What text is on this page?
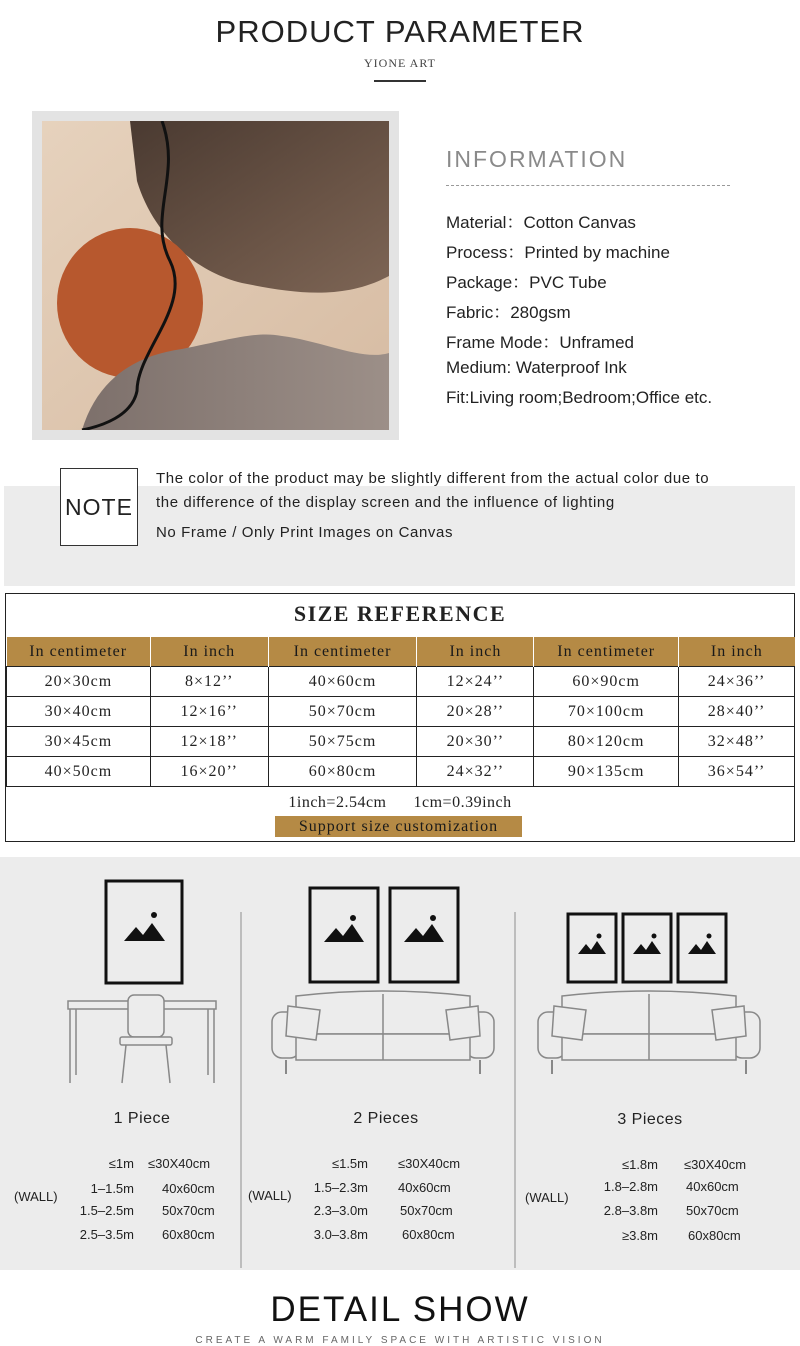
PRODUCT PARAMETER
YIONE ART
INFORMATION
Material：Cotton Canvas
Process：Printed by machine
Package：PVC Tube
Fabric：280gsm
Frame Mode：Unframed
Medium: Waterproof Ink
Fit:Living room;Bedroom;Office etc.
NOTE
The color of the product may be slightly different from the actual color due to
the difference of the display screen and the influence of lighting
No Frame / Only Print Images on Canvas
SIZE REFERENCE
In centimeter	In inch	In centimeter	In inch	In centimeter	In inch
20×30cm	8×12’’	40×60cm	12×24’’	60×90cm	24×36’’
30×40cm	12×16’’	50×70cm	20×28’’	70×100cm	28×40’’
30×45cm	12×18’’	50×75cm	20×30’’	80×120cm	32×48’’
40×50cm	16×20’’	60×80cm	24×32’’	90×135cm	36×54’’
1inch=2.54cm      1cm=0.39inch
Support size customization
1 Piece
(WALL)
≤1m ≤30X40cm
1–1.5m 40x60cm
1.5–2.5m 50x70cm
2.5–3.5m 60x80cm
2 Pieces
(WALL)
≤1.5m ≤30X40cm
1.5–2.3m 40x60cm
2.3–3.0m 50x70cm
3.0–3.8m	60x80cm
3 Pieces
(WALL)
≤1.8m ≤30X40cm
1.8–2.8m 40x60cm
2.8–3.8m 50x70cm
≥3.8m 60x80cm
DETAIL SHOW
CREATE A WARM FAMILY SPACE WITH ARTISTIC VISION
